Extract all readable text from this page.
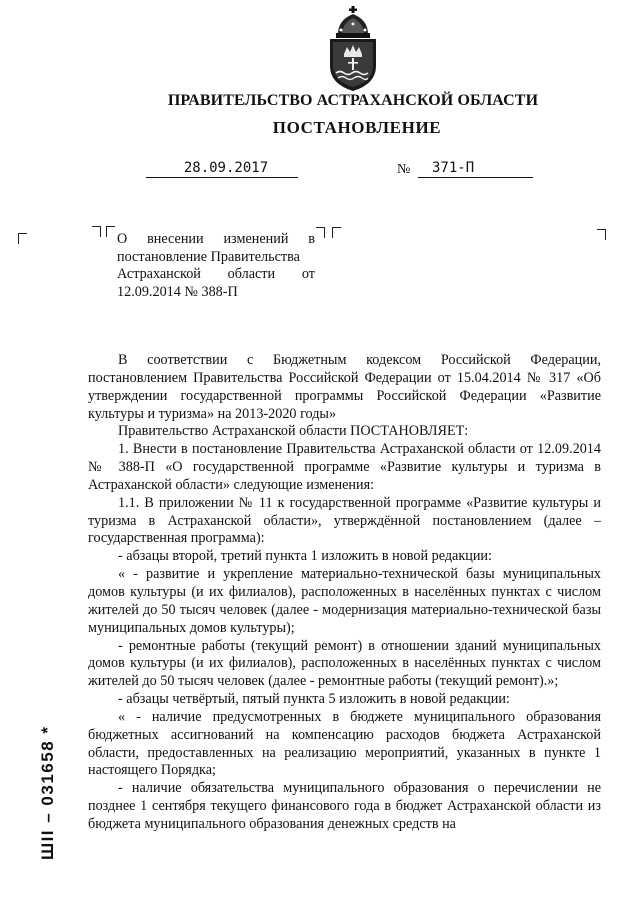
ПРАВИТЕЛЬСТВО АСТРАХАНСКОЙ ОБЛАСТИ
ПОСТАНОВЛЕНИЕ
28.09.2017	№	371-П
О внесении изменений в
постановление Правительства
Астраханской области от
12.09.2014 № 388-П

В соответствии с Бюджетным кодексом Российской Федерации, постановлением Правительства Российской Федерации от 15.04.2014 № 317 «Об утверждении государственной программы Российской Федерации «Развитие культуры и туризма» на 2013-2020 годы»

Правительство Астраханской области ПОСТАНОВЛЯЕТ:

1. Внести в постановление Правительства Астраханской области от 12.09.2014 № 388-П «О государственной программе «Развитие культуры и туризма в Астраханской области» следующие изменения:

1.1. В приложении № 11 к государственной программе «Развитие культуры и туризма в Астраханской области», утверждённой постановлением (далее – государственная программа):

- абзацы второй, третий пункта 1 изложить в новой редакции:

« - развитие и укрепление материально-технической базы муниципальных домов культуры (и их филиалов), расположенных в населённых пунктах с числом жителей до 50 тысяч человек (далее - модернизация материально-технической базы муниципальных домов культуры);

- ремонтные работы (текущий ремонт) в отношении зданий муниципальных домов культуры (и их филиалов), расположенных в населённых пунктах с числом жителей до 50 тысяч человек (далее - ремонтные работы (текущий ремонт).»;

- абзацы четвёртый, пятый пункта 5 изложить в новой редакции:

« - наличие предусмотренных в бюджете муниципального образования бюджетных ассигнований на компенсацию расходов бюджета Астраханской области, предоставленных на реализацию мероприятий, указанных в пункте 1 настоящего Порядка;

- наличие обязательства муниципального образования о перечислении не позднее 1 сентября текущего финансового года в бюджет Астраханской области из бюджета муниципального образования денежных средств на

ШII – 031658 *
